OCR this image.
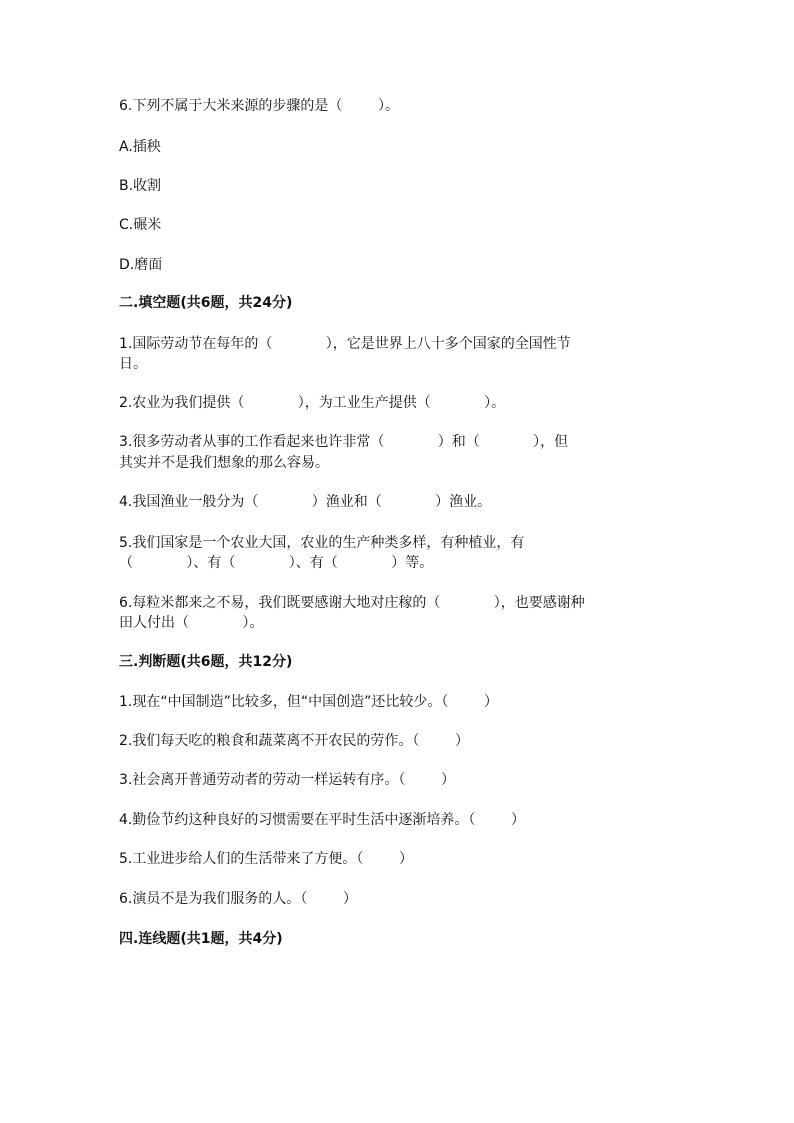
6.下列不属于大米来源的步骤的是（        ）。
A.插秧
B.收割
C.碾米
D.磨面
二.填空题(共6题，共24分)
1.国际劳动节在每年的（            ），它是世界上八十多个国家的全国性节
日。
2.农业为我们提供（            ），为工业生产提供（            ）。
3.很多劳动者从事的工作看起来也许非常（            ）和（            ），但
其实并不是我们想象的那么容易。
4.我国渔业一般分为（            ）渔业和（            ）渔业。
5.我们国家是一个农业大国，农业的生产种类多样，有种植业，有
（            ）、有（            ）、有（            ）等。
6.每粒米都来之不易，我们既要感谢大地对庄稼的（            ），也要感谢种
田人付出（            ）。
三.判断题(共6题，共12分)
1.现在“中国制造”比较多，但“中国创造”还比较少。（        ）
2.我们每天吃的粮食和蔬菜离不开农民的劳作。（        ）
3.社会离开普通劳动者的劳动一样运转有序。（        ）
4.勤俭节约这种良好的习惯需要在平时生活中逐渐培养。（        ）
5.工业进步给人们的生活带来了方便。（        ）
6.演员不是为我们服务的人。（        ）
四.连线题(共1题，共4分)
